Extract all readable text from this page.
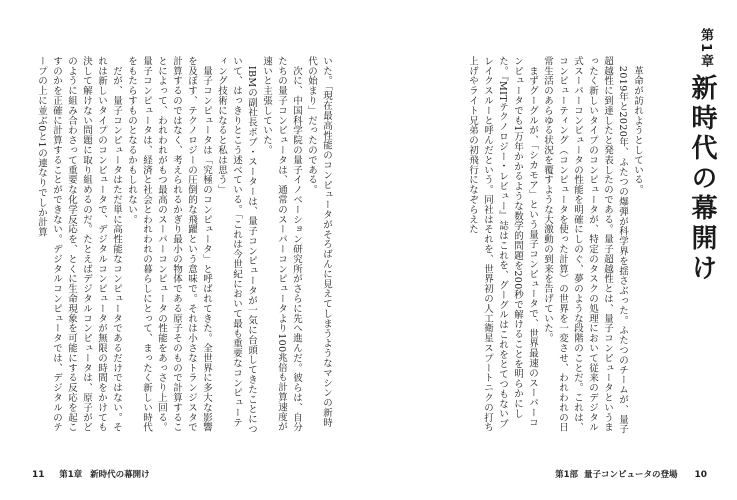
いた。「現在最高性能のコンピュータがそろばんに見えてしまうようなマシンの新時代の始まり」だったのである。
　次に、中国科学院の量子イノベーション研究所がさらに先へ進んだ。彼らは、自分たちの量子コンピュータは、通常のスーパーコンピュータより100兆倍も計算速度が速いと主張していた。
　IBMの副社長ボブ・スーターは、量子コンピュータが一気に台頭してきたことについて、はっきりとこう述べている。「これは今世紀において最も重要なコンピューティング技術になると私は思う」
　量子コンピュータは「究極のコンピュータ」と呼ばれてきた。全世界に多大な影響を及ぼす、テクノロジーの圧倒的な飛躍という意味で。それは小さなトランジスタで計算するのではなく、考えられるかぎり最小の物体である原子そのもので計算することによって、われわれがもつ最高のスーパーコンピュータの性能をあっさり上回る。量子コンピュータは、経済と社会とわれわれの暮らしにとって、まったく新しい時代をもたらすものとなるかもしれない。
　だが、量子コンピュータはただ単に高性能なコンピュータであるだけではない。それは新しいタイプのコンピュータで、デジタルコンピュータが無限の時間をかけても決して解けない問題に取り組めるのだ。たとえばデジタルコンピュータは、原子がどのように組み合わさって重要な化学反応を、とくに生命現象を可能にする反応を起こすのかを正確に計算することができない。デジタルコンピュータでは、デジタルのテープの上に並ぶ0と1の連なりでしか計算
11 第1章 新時代の幕開け
第1章
新時代の幕開け
　革命が訪れようとしている。
　2019年と2020年、ふたつの爆弾が科学界を揺さぶった。ふたつのチームが、量子超越性に到達したと発表したのである。量子超越性とは、量子コンピュータというまったく新しいタイプのコンピュータが、特定のタスクの処理において従来のデジタル式スーパーコンピュータの性能を明確にしのぐ、夢のような段階のことだ。これは、コンピューティング（コンピュータを使った計算）の世界を一変させ、われわれの日常生活のあらゆる状況を覆すような大激動の到来を告げていた。
　まずグーグルが、「シカモア」という量子コンピュータで、世界最速のスーパーコンピュータでも1万年かかるような数学的問題を200秒で解けることを明らかにした。『MITテクノロジー・レビュー』誌はこれを、グーグルはこれをとてつもないブレイクスルーと呼んだという。同社はそれを、世界初の人工衛星スプートニクの打ち上げやライト兄弟の初飛行になぞらえた
第1部 量子コンピュータの登場 10
